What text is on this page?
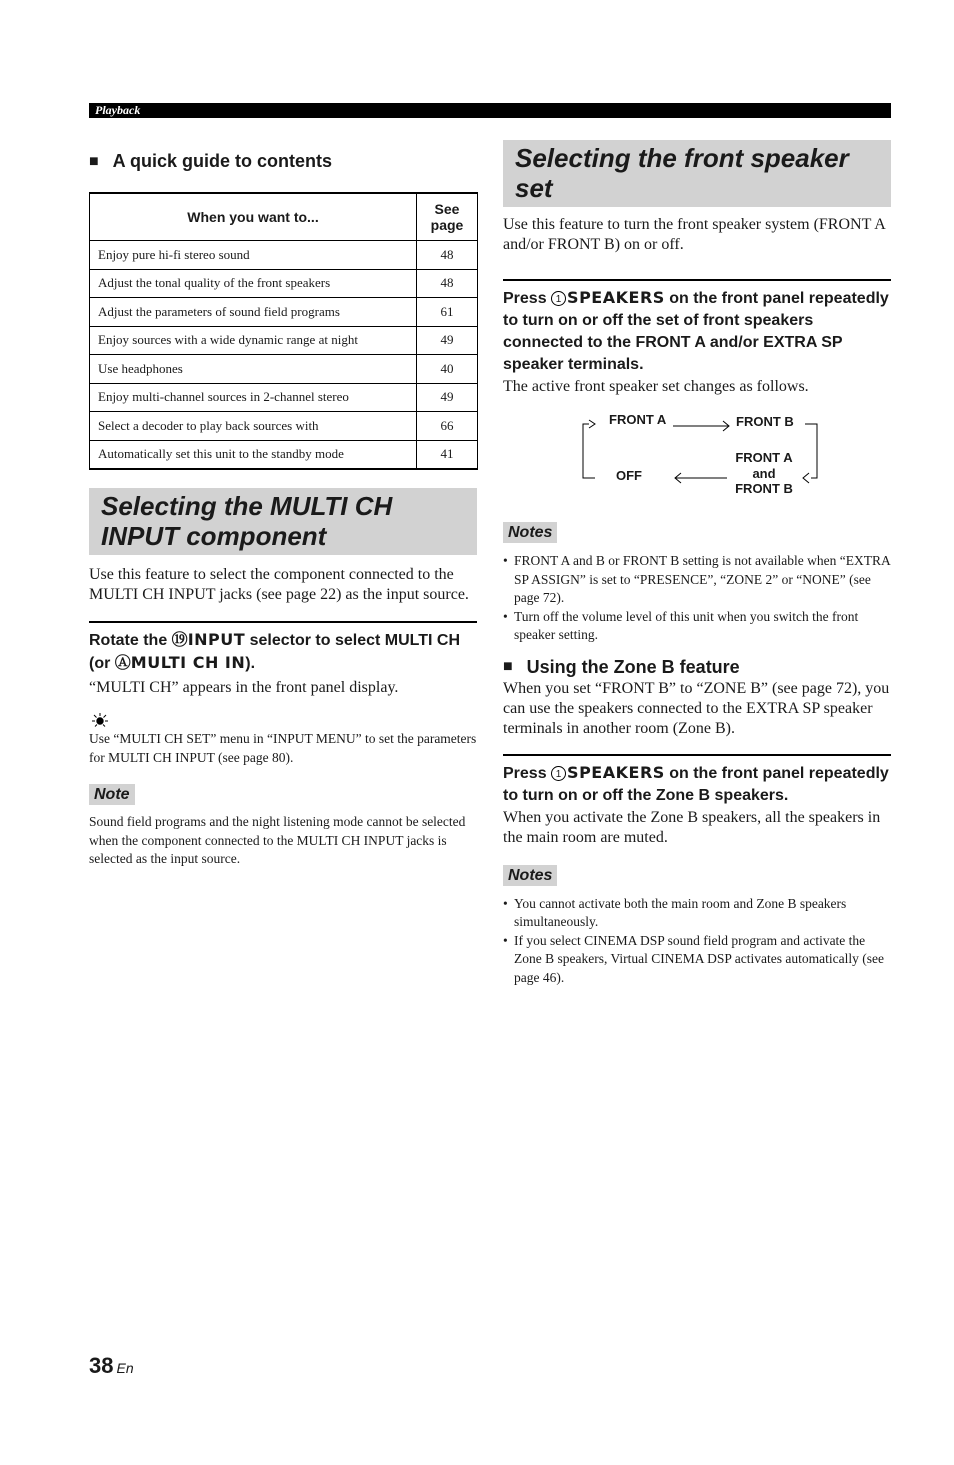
Playback
■ A quick guide to contents
When you want to...	See page
Enjoy pure hi-fi stereo sound	48
Adjust the tonal quality of the front speakers	48
Adjust the parameters of sound field programs	61
Enjoy sources with a wide dynamic range at night	49
Use headphones	40
Enjoy multi-channel sources in 2-channel stereo	49
Select a decoder to play back sources with	66
Automatically set this unit to the standby mode	41
Selecting the MULTI CH INPUT component
Use this feature to select the component connected to the MULTI CH INPUT jacks (see page 22) as the input source.
Rotate the ⑲INPUT selector to select MULTI CH (or ⒶMULTI CH IN).
“MULTI CH” appears in the front panel display.
Use “MULTI CH SET” menu in “INPUT MENU” to set the parameters for MULTI CH INPUT (see page 80).
Note
Sound field programs and the night listening mode cannot be selected when the component connected to the MULTI CH INPUT jacks is selected as the input source.
Selecting the front speaker set
Use this feature to turn the front speaker system (FRONT A and/or FRONT B) on or off.
Press 1 SPEAKERS on the front panel repeatedly to turn on or off the set of front speakers connected to the FRONT A and/or EXTRA SP speaker terminals.
The active front speaker set changes as follows.
FRONT A	FRONT B
FRONT A
and
FRONT B
OFF
Notes
• FRONT A and B or FRONT B setting is not available when “EXTRA SP ASSIGN” is set to “PRESENCE”, “ZONE 2” or “NONE” (see page 72).
• Turn off the volume level of this unit when you switch the front speaker setting.
■ Using the Zone B feature
When you set “FRONT B” to “ZONE B” (see page 72), you can use the speakers connected to the EXTRA SP speaker terminals in another room (Zone B).
Press 1 SPEAKERS on the front panel repeatedly to turn on or off the Zone B speakers.
When you activate the Zone B speakers, all the speakers in the main room are muted.
Notes
• You cannot activate both the main room and Zone B speakers simultaneously.
• If you select CINEMA DSP sound field program and activate the Zone B speakers, Virtual CINEMA DSP activates automatically (see page 46).
38 En
